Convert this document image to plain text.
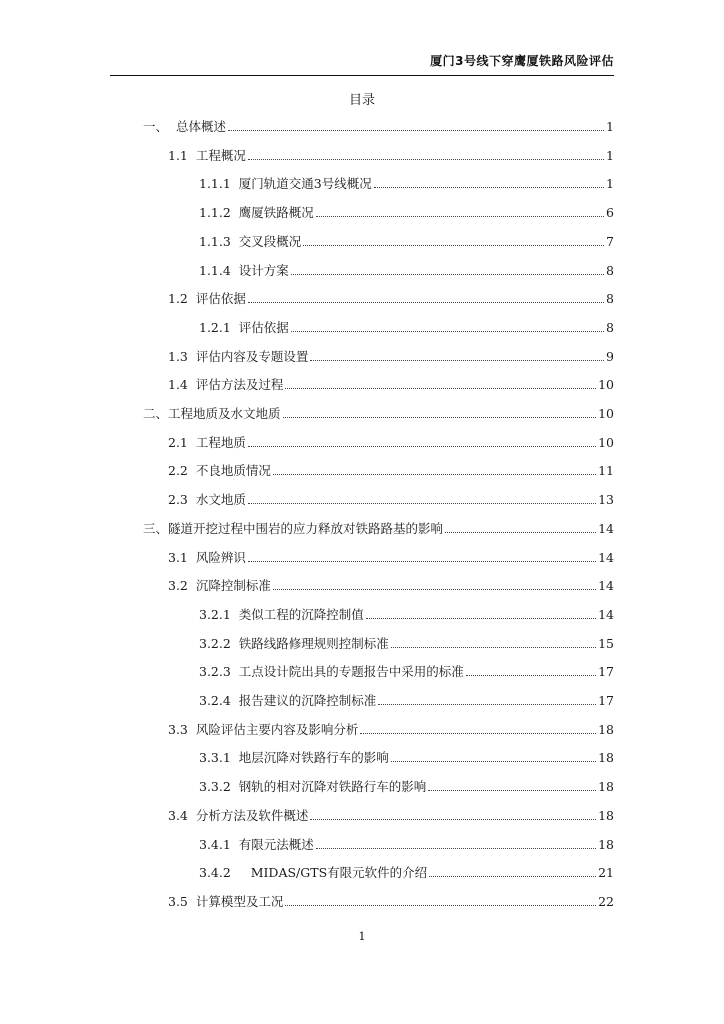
厦门3号线下穿鹰厦铁路风险评估
目录
一、 总体概述	1
1.1 工程概况	1
1.1.1 厦门轨道交通3号线概况	1
1.1.2 鹰厦铁路概况	6
1.1.3 交叉段概况	7
1.1.4 设计方案	8
1.2 评估依据	8
1.2.1 评估依据	8
1.3 评估内容及专题设置	9
1.4 评估方法及过程	10
二、 工程地质及水文地质	10
2.1 工程地质	10
2.2 不良地质情况	11
2.3 水文地质	13
三、 隧道开挖过程中围岩的应力释放对铁路路基的影响	14
3.1 风险辨识	14
3.2 沉降控制标准	14
3.2.1 类似工程的沉降控制值	14
3.2.2 铁路线路修理规则控制标准	15
3.2.3 工点设计院出具的专题报告中采用的标准	17
3.2.4 报告建议的沉降控制标准	17
3.3 风险评估主要内容及影响分析	18
3.3.1 地层沉降对铁路行车的影响	18
3.3.2 钢轨的相对沉降对铁路行车的影响	18
3.4 分析方法及软件概述	18
3.4.1 有限元法概述	18
3.4.2 MIDAS/GTS有限元软件的介绍	21
3.5 计算模型及工况	22
1
